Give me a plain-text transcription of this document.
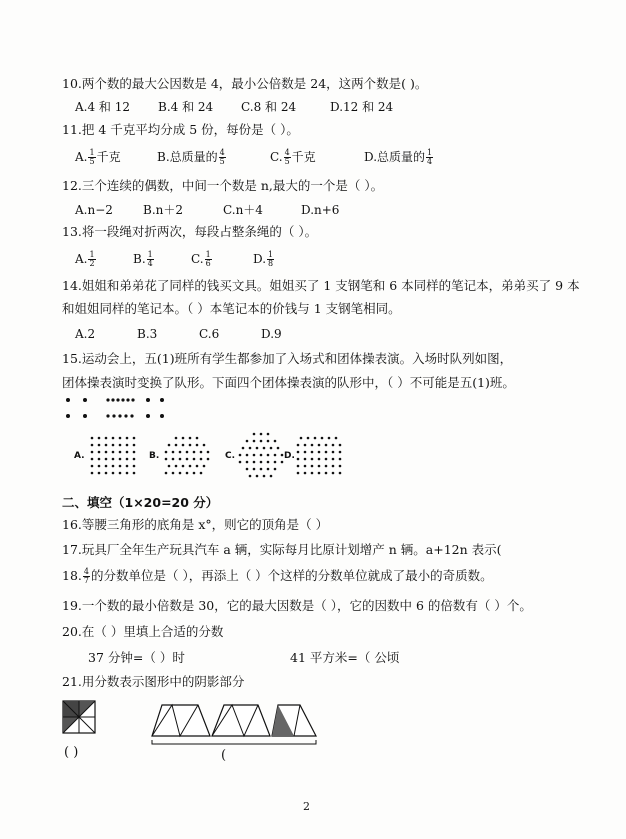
10.两个数的最大公因数是 4，最小公倍数是 24，这两个数是( )。
A.4 和 12 B.4 和 24 C.8 和 24	D.12 和 24
11.把 4 千克平均分成 5 份，每份是（ ）。
A. $\frac{1}{5}$ 千克	B.总质量的 $\frac{4}{5}$	C. $\frac{4}{5}$ 千克	D.总质量的 $\frac{1}{4}$
12.三个连续的偶数，中间一个数是 n,最大的一个是（ ）。
A.n−2	B.n＋2	C.n＋4	D.n+6
13.将一段绳对折两次，每段占整条绳的（ ）。
A. $\frac{1}{2}$	B. $\frac{1}{4}$	C. $\frac{1}{6}$	D. $\frac{1}{8}$
14.姐姐和弟弟花了同样的钱买文具。姐姐买了 1 支钢笔和 6 本同样的笔记本，弟弟买了 9 本
和姐姐同样的笔记本。（ ）本笔记本的价钱与 1 支钢笔相同。
A.2	B.3	C.6	D.9
15.运动会上，五(1)班所有学生都参加了入场式和团体操表演。入场时队列如图，
团体操表演时变换了队形。下面四个团体操表演的队形中，（ ）不可能是五(1)班。
A.	B.	C.	D.
二、填空（1×20=20 分）
16.等腰三角形的底角是 x°，则它的顶角是（ ）
17.玩具厂全年生产玩具汽车 a 辆，实际每月比原计划增产 n 辆。a+12n 表示(
18. $\frac{4}{7}$ 的分数单位是（ ），再添上（ ）个这样的分数单位就成了最小的奇质数。
19.一个数的最小倍数是 30，它的最大因数是（ ），它的因数中 6 的倍数有（ ）个。
20.在（ ）里填上合适的分数
37 分钟=（ ）时	41 平方米=（ 公顷
21.用分数表示图形中的阴影部分
( )	(
2
